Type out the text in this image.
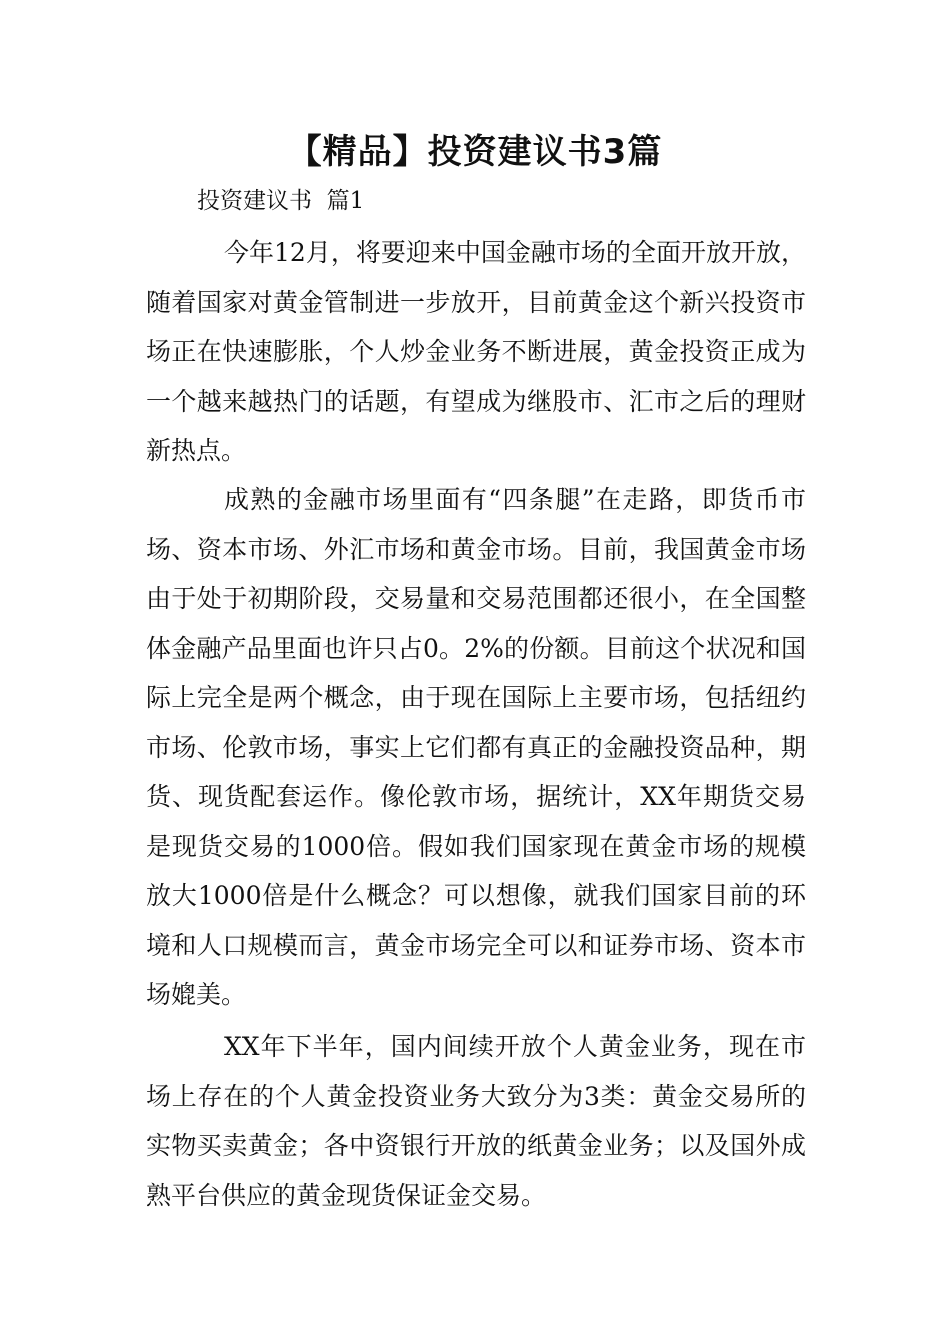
【精品】投资建议书3篇
投资建议书  篇1

今年12月，将要迎来中国金融市场的全面开放开放，随着国家对黄金管制进一步放开，目前黄金这个新兴投资市场正在快速膨胀，个人炒金业务不断进展，黄金投资正成为一个越来越热门的话题，有望成为继股市、汇市之后的理财新热点。

成熟的金融市场里面有“四条腿”在走路，即货币市场、资本市场、外汇市场和黄金市场。目前，我国黄金市场由于处于初期阶段，交易量和交易范围都还很小，在全国整体金融产品里面也许只占0。2%的份额。目前这个状况和国际上完全是两个概念，由于现在国际上主要市场，包括纽约市场、伦敦市场，事实上它们都有真正的金融投资品种，期货、现货配套运作。像伦敦市场，据统计，XX年期货交易是现货交易的1000倍。假如我们国家现在黄金市场的规模放大1000倍是什么概念？可以想像，就我们国家目前的环境和人口规模而言，黄金市场完全可以和证券市场、资本市场媲美。

XX年下半年，国内间续开放个人黄金业务，现在市场上存在的个人黄金投资业务大致分为3类：黄金交易所的实物买卖黄金；各中资银行开放的纸黄金业务；以及国外成熟平台供应的黄金现货保证金交易。
